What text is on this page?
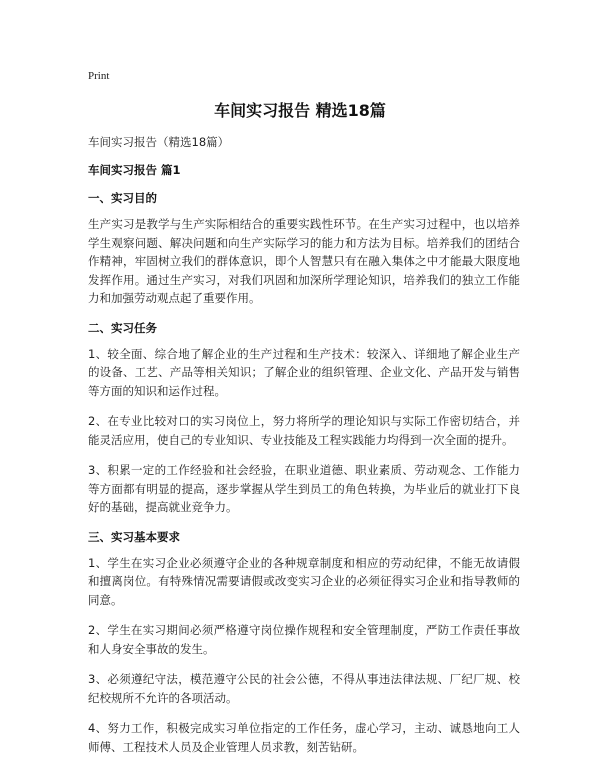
Print
车间实习报告 精选18篇

车间实习报告（精选18篇）

车间实习报告 篇1

一、实习目的

生产实习是教学与生产实际相结合的重要实践性环节。在生产实习过程中，也以培养学生观察问题、解决问题和向生产实际学习的能力和方法为目标。培养我们的团结合作精神，牢固树立我们的群体意识，即个人智慧只有在融入集体之中才能最大限度地发挥作用。通过生产实习，对我们巩固和加深所学理论知识，培养我们的独立工作能力和加强劳动观点起了重要作用。

二、实习任务

1、较全面、综合地了解企业的生产过程和生产技术：较深入、详细地了解企业生产的设备、工艺、产品等相关知识；了解企业的组织管理、企业文化、产品开发与销售等方面的知识和运作过程。

2、在专业比较对口的实习岗位上，努力将所学的理论知识与实际工作密切结合，并能灵活应用，使自己的专业知识、专业技能及工程实践能力均得到一次全面的提升。

3、积累一定的工作经验和社会经验，在职业道德、职业素质、劳动观念、工作能力等方面都有明显的提高，逐步掌握从学生到员工的角色转换，为毕业后的就业打下良好的基础，提高就业竞争力。

三、实习基本要求

1、学生在实习企业必须遵守企业的各种规章制度和相应的劳动纪律，不能无故请假和擅离岗位。有特殊情况需要请假或改变实习企业的必须征得实习企业和指导教师的同意。

2、学生在实习期间必须严格遵守岗位操作规程和安全管理制度，严防工作责任事故和人身安全事故的发生。

3、必须遵纪守法，模范遵守公民的社会公德，不得从事违法律法规、厂纪厂规、校纪校规所不允许的各项活动。

4、努力工作，积极完成实习单位指定的工作任务，虚心学习，主动、诚恳地向工人师傅、工程技术人员及企业管理人员求教，刻苦钻研。
